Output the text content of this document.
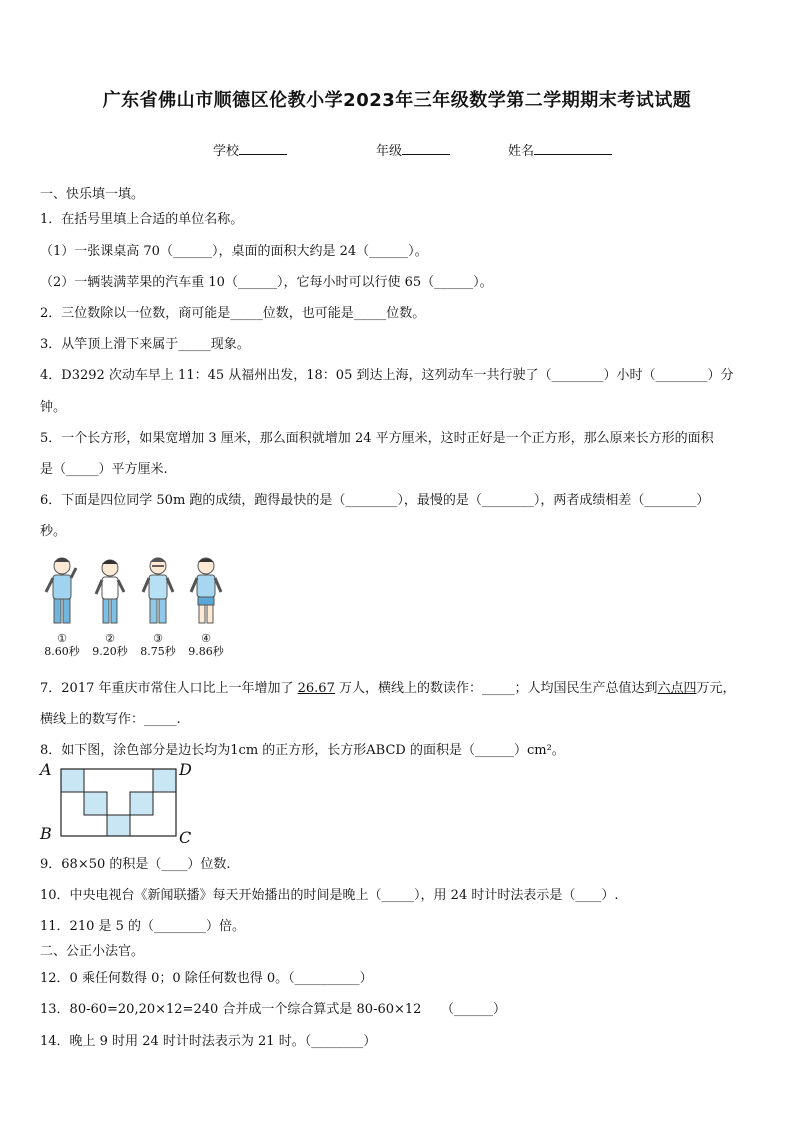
广东省佛山市顺德区伦教小学2023年三年级数学第二学期期末考试试题
学校	年级	姓名
一、快乐填一填。
1．在括号里填上合适的单位名称。
（1）一张课桌高 70（______），桌面的面积大约是 24（______）。
（2）一辆装满苹果的汽车重 10（______），它每小时可以行使 65（______）。
2．三位数除以一位数，商可能是_____位数，也可能是_____位数。
3．从竿顶上滑下来属于_____现象。
4．D3292 次动车早上 11：45 从福州出发，18：05 到达上海，这列动车一共行驶了（________）小时（________）分
钟。
5．一个长方形，如果宽增加 3 厘米，那么面积就增加 24 平方厘米，这时正好是一个正方形，那么原来长方形的面积
是（_____）平方厘米.
6．下面是四位同学 50m 跑的成绩，跑得最快的是（________），最慢的是（________），两者成绩相差（________）
秒。
①
8.60秒
②
9.20秒
③
8.75秒
④
9.86秒
7．2017 年重庆市常住人口比上一年增加了 26.67 万人，横线上的数读作：_____；人均国民生产总值达到六点四万元，
横线上的数写作：_____.
8．如下图，涂色部分是边长均为1cm 的正方形，长方形ABCD 的面积是（______）cm²。
A	D
B	C
9．68×50 的积是（____）位数.
10．中央电视台《新闻联播》每天开始播出的时间是晚上（_____），用 24 时计时法表示是（____）.
11．210 是 5 的（________）倍。
二、公正小法官。
12．0 乘任何数得 0；0 除任何数也得 0。（__________）
13．80-60=20,20×12=240 合并成一个综合算式是 80-60×12　　（______）
14．晚上 9 时用 24 时计时法表示为 21 时。（________）
